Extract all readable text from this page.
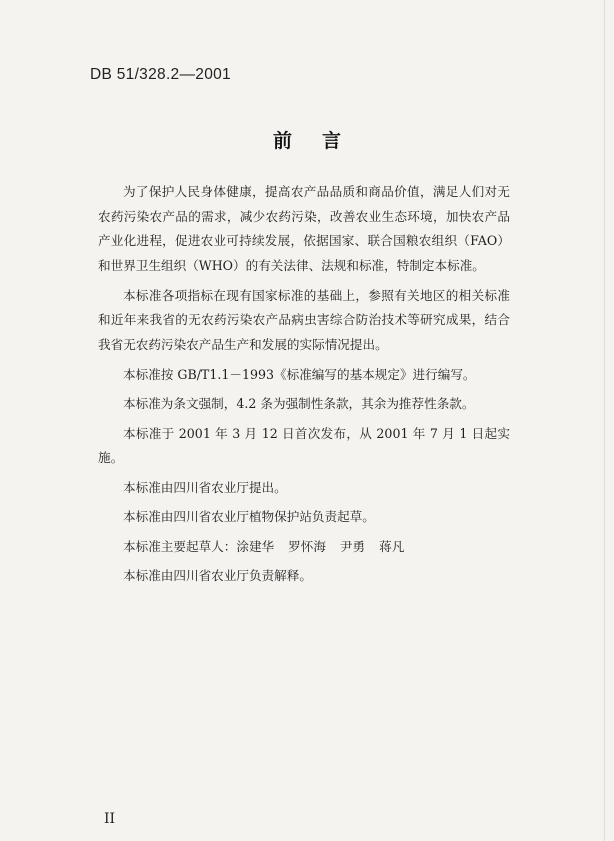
DB 51/328.2—2001
前言

为了保护人民身体健康，提高农产品品质和商品价值，满足人们对无农药污染农产品的需求，减少农药污染，改善农业生态环境，加快农产品产业化进程，促进农业可持续发展，依据国家、联合国粮农组织（FAO）和世界卫生组织（WHO）的有关法律、法规和标准，特制定本标准。

本标准各项指标在现有国家标准的基础上，参照有关地区的相关标准和近年来我省的无农药污染农产品病虫害综合防治技术等研究成果，结合我省无农药污染农产品生产和发展的实际情况提出。

本标准按 GB/T1.1－1993《标准编写的基本规定》进行编写。

本标准为条文强制，4.2 条为强制性条款，其余为推荐性条款。

本标准于 2001 年 3 月 12 日首次发布，从 2001 年 7 月 1 日起实施。

本标准由四川省农业厅提出。

本标准由四川省农业厅植物保护站负责起草。

本标准主要起草人：涂建华 罗怀海 尹勇 蒋凡

本标准由四川省农业厅负责解释。

II
